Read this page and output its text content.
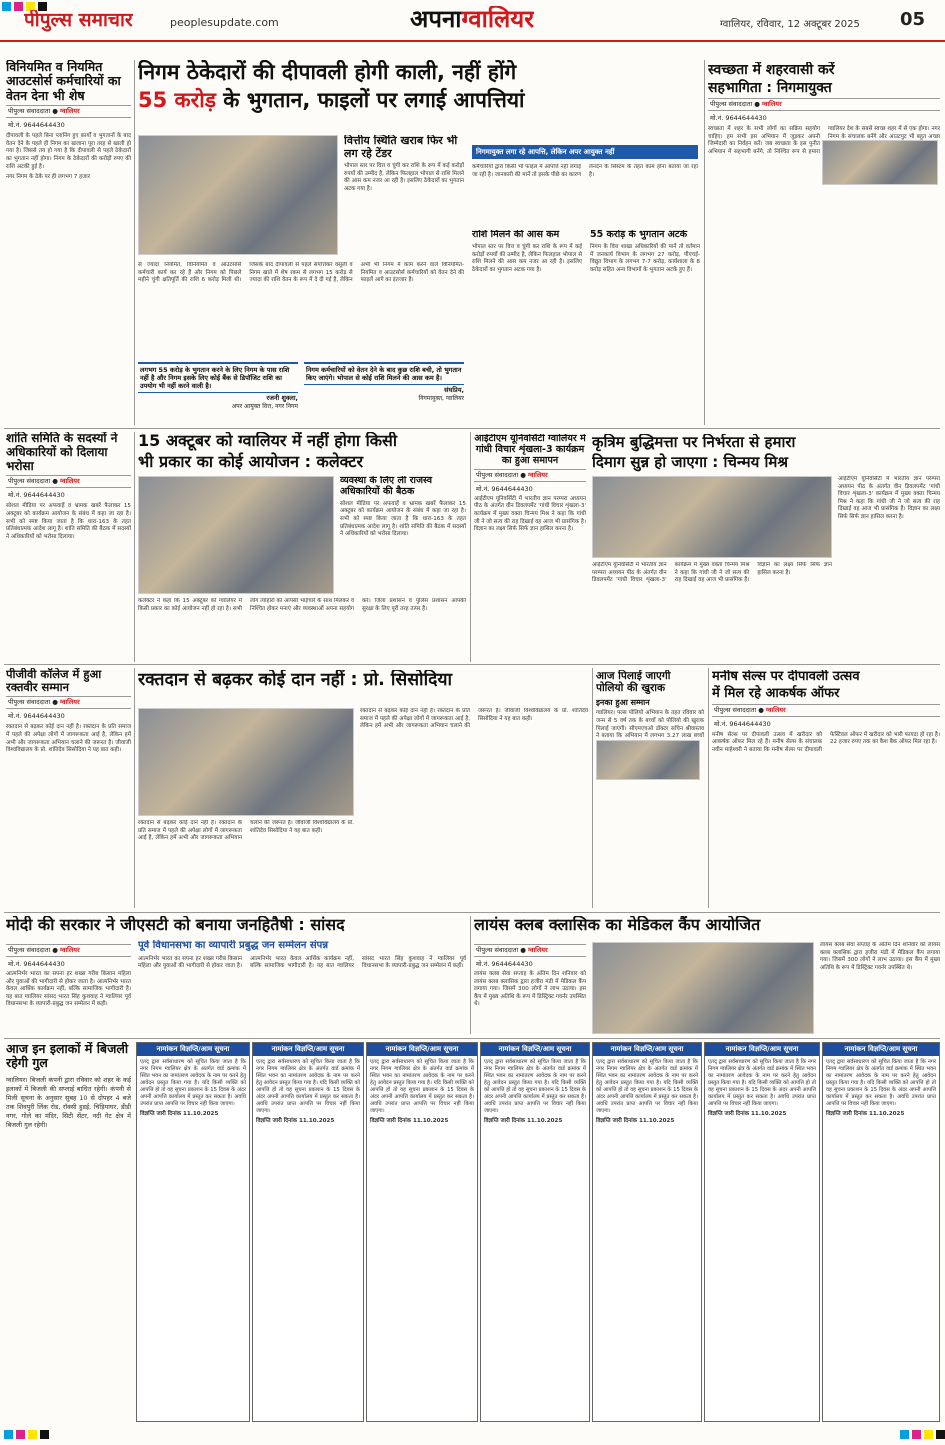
पीपुल्स समाचार	peoplesupdate.com	अपनाग्वालियर	ग्वालियर, रविवार, 12 अक्टूबर 2025 05
विनियमित व नियमित आउटसोर्स कर्मचारियों का वेतन देना भी शेष
पीपुल्स संवाददाता ● ग्वालियर
मो.नं. 9644644430
दीपावली के पहले बिना प्लानिंग हुए कार्यों व भुगतानों के बाद वेतन देने के पहले ही निगम का खजाना पूरा तरह से खाली हो गया है। जिससे तय हो गया है कि दीपावली से पहले ठेकेदारों का भुगतान नहीं होगा। निगम के ठेकेदारों की करोड़ों रुपए की राशि अटकी हुई है।
नगर निगम के ठेके पर ही लगभग 7 हजार
निगम ठेकेदारों की दीपावली होगी काली, नहीं होंगे
55 करोड़ के भुगतान, फाइलों पर लगाई आपत्तियां
वित्तीय स्थिति खराब फिर भी लग रहे टेंडर
भोपाल स्तर पर वित्त व चुंगी कर राशि के रूप में कई करोड़ों रुपयों की उम्मीद है, लेकिन फिलहाल भोपाल से राशि मिलने की आस कम नजर आ रही है। इसलिए ठेकेदारों का भुगतान अटक गया है।
से ज्यादा नियमित, विनियमित व आउटसोर्स कर्मचारी कार्य कर रहे हैं और निगम को पिछले महीने चुंगी क्षतिपूर्ति की राशि 6 करोड़ मिली थी। जिसके बाद दीपावली से पहले संपत्तिकर वसूली व निगम खाते में शेष रकम से लगभग 15 करोड़ से ज्यादा की राशि वेतन के रूप में दे दी गई है, लेकिन अभी भी निगम में काम करने वाले विनियमित-नियमित व आउटसोर्स कर्मचारियों को वेतन देने की फाइलें आगे का इंतजार है।
लगभग 55 करोड़ के भुगतान करने के लिए निगम के पास राशि नहीं है और निगम इसके लिए कोई बैंक से डिपॉजिट राशि का उपयोग भी नहीं करने वाली है।
रजनी शुक्ला,
अपर आयुक्त वित्त, नगर निगम
निगम कर्मचारियों को वेतन देने के बाद कुछ राशि बची, तो भुगतान किए जाएंगे। भोपाल से कोई राशि मिलने की आस कम है।
संघप्रिय,
निगमायुक्त, ग्वालियर
निगमायुक्त लगा रहे आपत्ति, लेकिन अपर आयुक्त नहीं
कर्मचारियों द्वारा किसी भी फाइल में आपत्ति नहीं लगाई जा रही है। जानकारी की मानें तो इसके पीछे का कारण लेनदेन के सिस्टम के तहत काम होना बताया जा रहा है।
राशि मिलने की आस कम
भोपाल स्तर पर वित्त व चुंगी कर राशि के रूप में कई करोड़ों रुपयों की उम्मीद है, लेकिन फिलहाल भोपाल से राशि मिलने की आस कम नजर आ रही है। इसलिए ठेकेदारों का भुगतान अटक गया है।
55 करोड़ के भुगतान अटके
निगम के वित्त शाखा अधिकारियों की मानें तो वर्तमान में जनकार्य विभाग के लगभग 27 करोड़, पीएचई-विद्युत विभाग के लगभग 7-7 करोड़, कार्यशाला के 8 करोड़ सहित अन्य विभागों के भुगतान अटके हुए हैं।
स्वच्छता में शहरवासी करें
सहभागिता : निगमायुक्त
पीपुल्स संवाददाता ● ग्वालियर
मो.नं. 9644644430
स्वच्छता में शहर के सभी लोगों का सक्रिय सहयोग चाहिए। हम सभी इस अभियान में जुड़कर अपनी जिम्मेदारी का निर्वहन करें। जब स्वच्छता के इस पुनीत अभियान में सहभागी बनेंगे, तो निश्चित रूप से हमारा ग्वालियर देश के सबसे स्वच्छ शहर में से एक होगा। नगर निगम के संचालक बनेंगे और आउटपुट भी बहुत अच्छा
शांति समिति के सदस्यों ने अधिकारियों को दिलाया भरोसा
पीपुल्स संवाददाता ● ग्वालियर
मो.नं. 9644644430
सोशल मीडिया पर अफवाहें व भ्रामक खबरें फैलाकर 15 अक्टूबर को कार्यक्रम आयोजन के संबंध में कहा जा रहा है। सभी को स्पष्ट किया जाता है कि धारा-163 के तहत प्रतिबंधात्मक आदेश लागू है। शांति समिति की बैठक में सदस्यों ने अधिकारियों को भरोसा दिलाया।
15 अक्टूबर को ग्वालियर में नहीं होगा किसी
भी प्रकार का कोई आयोजन : कलेक्टर
व्यवस्था के लिए ली राजस्व अधिकारियों की बैठक
सोशल मीडिया पर अफवाहें व भ्रामक खबरें फैलाकर 15 अक्टूबर को कार्यक्रम आयोजन के संबंध में कहा जा रहा है। सभी को स्पष्ट किया जाता है कि धारा-163 के तहत प्रतिबंधात्मक आदेश लागू है। शांति समिति की बैठक में सदस्यों ने अधिकारियों को भरोसा दिलाया।
कलेक्टर ने कहा कि 15 अक्टूबर को ग्वालियर में किसी प्रकार का कोई आयोजन नहीं हो रहा है। सभी लोग त्योहारों को आपसी भाईचारे के साथ मिलकर व निश्चित होकर मनाएं और व्यवस्थाओं अपना सहयोग करें। जिला प्रशासन व पुलिस प्रशासन आपकी सुरक्षा के लिए पूरी तरह तत्पर है।
आईटीएम यूनिवर्सिटी ग्वालियर में गांधी विचार शृंखला-3 कार्यक्रम का हुआ समापन
पीपुल्स संवाददाता ● ग्वालियर
मो.नं. 9644644430
आईटीएम यूनिवर्सिटी में भारतीय ज्ञान परम्परा अध्ययन पीठ के अंतर्गत वीन डिवलपमेंट 'गांधी विचार शृंखला-3' कार्यक्रम में मुख्य वक्ता चिन्मय मिश्र ने कहा कि गांधी जी ने जो सत्य की राह दिखाई वह आज भी प्रासंगिक है। विज्ञान का लक्ष्य सिर्फ सिर्फ ज्ञान हासिल करना है।
कृत्रिम बुद्धिमत्ता पर निर्भरता से हमारा
दिमाग सुन्न हो जाएगा : चिन्मय मिश्र
आईटीएम यूनिवर्सिटी में भारतीय ज्ञान परम्परा अध्ययन पीठ के अंतर्गत वीन डिवलपमेंट 'गांधी विचार शृंखला-3' कार्यक्रम में मुख्य वक्ता चिन्मय मिश्र ने कहा कि गांधी जी ने जो सत्य की राह दिखाई वह आज भी प्रासंगिक है। विज्ञान का लक्ष्य सिर्फ सिर्फ ज्ञान हासिल करना है।
आईटीएम यूनिवर्सिटी में भारतीय ज्ञान परम्परा अध्ययन पीठ के अंतर्गत वीन डिवलपमेंट 'गांधी विचार शृंखला-3' कार्यक्रम में मुख्य वक्ता चिन्मय मिश्र ने कहा कि गांधी जी ने जो सत्य की राह दिखाई वह आज भी प्रासंगिक है। विज्ञान का लक्ष्य सिर्फ सिर्फ ज्ञान हासिल करना है।
पीजीवी कॉलेज में हुआ रक्तवीर सम्मान
पीपुल्स संवाददाता ● ग्वालियर
मो.नं. 9644644430
रक्तदान से बढ़कर कोई दान नहीं है। रक्तदान के प्रति समाज में पहले की अपेक्षा लोगों में जागरूकता आई है, लेकिन हमें अभी और जागरूकता अभियान चलाने की जरूरत है। जीवाजी विश्वविद्यालय के प्रो. शांतिदेव सिसोदिया ने यह बात कही।
रक्तदान से बढ़कर कोई दान नहीं : प्रो. सिसोदिया
रक्तदान से बढ़कर कोई दान नहीं है। रक्तदान के प्रति समाज में पहले की अपेक्षा लोगों में जागरूकता आई है, लेकिन हमें अभी और जागरूकता अभियान चलाने की जरूरत है। जीवाजी विश्वविद्यालय के प्रो. शांतिदेव सिसोदिया ने यह बात कही।
रक्तदान से बढ़कर कोई दान नहीं है। रक्तदान के प्रति समाज में पहले की अपेक्षा लोगों में जागरूकता आई है, लेकिन हमें अभी और जागरूकता अभियान चलाने की जरूरत है। जीवाजी विश्वविद्यालय के प्रो. शांतिदेव सिसोदिया ने यह बात कही।
आज पिलाई जाएगी
पोलियो की खुराक
इनका हुआ सम्मान
ग्वालियर। पल्स पोलियो अभियान के तहत रविवार को जन्म से 5 वर्ष तक के बच्चों को पोलियो की खुराक पिलाई जाएगी। सीएमएचओ डॉक्टर सचिन श्रीवास्तव ने बताया कि अभियान में लगभग 3.27 लाख बच्चों
मनीष सेल्स पर दीपावली उत्सव
में मिल रहे आकर्षक ऑफर
पीपुल्स संवाददाता ● ग्वालियर
मो.नं. 9644644430
मनीष सेल्स पर दीपावली उत्सव में खरीदार को आकर्षक ऑफर मिल रहे हैं। मनीष सेल्स के संचालक नवीन माहेश्वरी ने बताया कि मनीष सेल्स पर दीपावली फेस्टिवल ऑफर में खरीदार को भारी फायदा हो रहा है। 22 हजार रुपए तक का कैश बैक ऑफर मिल रहा है।
मोदी की सरकार ने जीएसटी को बनाया जनहितैषी : सांसद
पीपुल्स संवाददाता ● ग्वालियर
मो.नं. 9644644430
आत्मनिर्भर भारत का सपना हर शख्स गरीब किसान महिला और युवाओं की भागीदारी से होकर जाता है। आत्मनिर्भर भारत केवल आर्थिक कार्यक्रम नहीं, बल्कि सामाजिक भागीदारी है। यह बात ग्वालियर सांसद भारत सिंह कुशवाह ने ग्वालियर पूर्व विधानसभा के व्यापारी-प्रबुद्ध जन सम्मेलन में कही।
पूर्व विधानसभा का व्यापारी प्रबुद्ध जन सम्मेलन संपन्न
आत्मनिर्भर भारत का सपना हर शख्स गरीब किसान महिला और युवाओं की भागीदारी से होकर जाता है। आत्मनिर्भर भारत केवल आर्थिक कार्यक्रम नहीं, बल्कि सामाजिक भागीदारी है। यह बात ग्वालियर सांसद भारत सिंह कुशवाह ने ग्वालियर पूर्व विधानसभा के व्यापारी-प्रबुद्ध जन सम्मेलन में कही।
लायंस क्लब क्लासिक का मेडिकल कैंप आयोजित
पीपुल्स संवाददाता ● ग्वालियर
मो.नं. 9644644430
लायंस क्लब सेवा सप्ताह के अंतिम दिन शनिवार को लायंस क्लब क्लासिक द्वारा हजीरा मंडी में मेडिकल कैंप लगाया गया। जिसमें 300 लोगों ने लाभ उठाया। इस कैंप में मुख्य अतिथि के रूप में डिस्ट्रिक्ट गवर्नर उपस्थित थे।
लायंस क्लब सेवा सप्ताह के अंतिम दिन शनिवार को लायंस क्लब क्लासिक द्वारा हजीरा मंडी में मेडिकल कैंप लगाया गया। जिसमें 300 लोगों ने लाभ उठाया। इस कैंप में मुख्य अतिथि के रूप में डिस्ट्रिक्ट गवर्नर उपस्थित थे।
आज इन इलाकों में बिजली रहेगी गुल
ग्वालियर। बिजली कंपनी द्वारा रविवार को शहर के कई इलाकों में बिजली की सप्लाई बाधित रहेगी। कंपनी से मिली सूचना के अनुसार सुबह 10 से दोपहर 4 बजे तक शिवपुरी लिंक रोड, रॉक्सी हुडई, चिड़ियाघर, डीडी नगर, गोले का मंदिर, सिटी सेंटर, नदी गेट क्षेत्र में बिजली गुल रहेगी।
नामांकन विज्ञप्ति/आम सूचना
एतद् द्वारा सर्वसाधारण को सूचित किया जाता है कि नगर निगम ग्वालियर क्षेत्र के अंतर्गत वार्ड क्रमांक में स्थित भवन का नामांतरण आवेदक के नाम पर करने हेतु आवेदन प्रस्तुत किया गया है। यदि किसी व्यक्ति को आपत्ति हो तो वह सूचना प्रकाशन के 15 दिवस के अंदर अपनी आपत्ति कार्यालय में प्रस्तुत कर सकता है। अवधि उपरांत प्राप्त आपत्ति पर विचार नहीं किया जाएगा।
विज्ञप्ति जारी दिनांक 11.10.2025
नामांकन विज्ञप्ति/आम सूचना
एतद् द्वारा सर्वसाधारण को सूचित किया जाता है कि नगर निगम ग्वालियर क्षेत्र के अंतर्गत वार्ड क्रमांक में स्थित भवन का नामांतरण आवेदक के नाम पर करने हेतु आवेदन प्रस्तुत किया गया है। यदि किसी व्यक्ति को आपत्ति हो तो वह सूचना प्रकाशन के 15 दिवस के अंदर अपनी आपत्ति कार्यालय में प्रस्तुत कर सकता है। अवधि उपरांत प्राप्त आपत्ति पर विचार नहीं किया जाएगा।
विज्ञप्ति जारी दिनांक 11.10.2025
नामांकन विज्ञप्ति/आम सूचना
एतद् द्वारा सर्वसाधारण को सूचित किया जाता है कि नगर निगम ग्वालियर क्षेत्र के अंतर्गत वार्ड क्रमांक में स्थित भवन का नामांतरण आवेदक के नाम पर करने हेतु आवेदन प्रस्तुत किया गया है। यदि किसी व्यक्ति को आपत्ति हो तो वह सूचना प्रकाशन के 15 दिवस के अंदर अपनी आपत्ति कार्यालय में प्रस्तुत कर सकता है। अवधि उपरांत प्राप्त आपत्ति पर विचार नहीं किया जाएगा।
विज्ञप्ति जारी दिनांक 11.10.2025
नामांकन विज्ञप्ति/आम सूचना
एतद् द्वारा सर्वसाधारण को सूचित किया जाता है कि नगर निगम ग्वालियर क्षेत्र के अंतर्गत वार्ड क्रमांक में स्थित भवन का नामांतरण आवेदक के नाम पर करने हेतु आवेदन प्रस्तुत किया गया है। यदि किसी व्यक्ति को आपत्ति हो तो वह सूचना प्रकाशन के 15 दिवस के अंदर अपनी आपत्ति कार्यालय में प्रस्तुत कर सकता है। अवधि उपरांत प्राप्त आपत्ति पर विचार नहीं किया जाएगा।
विज्ञप्ति जारी दिनांक 11.10.2025
नामांकन विज्ञप्ति/आम सूचना
एतद् द्वारा सर्वसाधारण को सूचित किया जाता है कि नगर निगम ग्वालियर क्षेत्र के अंतर्गत वार्ड क्रमांक में स्थित भवन का नामांतरण आवेदक के नाम पर करने हेतु आवेदन प्रस्तुत किया गया है। यदि किसी व्यक्ति को आपत्ति हो तो वह सूचना प्रकाशन के 15 दिवस के अंदर अपनी आपत्ति कार्यालय में प्रस्तुत कर सकता है। अवधि उपरांत प्राप्त आपत्ति पर विचार नहीं किया जाएगा।
विज्ञप्ति जारी दिनांक 11.10.2025
नामांकन विज्ञप्ति/आम सूचना
एतद् द्वारा सर्वसाधारण को सूचित किया जाता है कि नगर निगम ग्वालियर क्षेत्र के अंतर्गत वार्ड क्रमांक में स्थित भवन का नामांतरण आवेदक के नाम पर करने हेतु आवेदन प्रस्तुत किया गया है। यदि किसी व्यक्ति को आपत्ति हो तो वह सूचना प्रकाशन के 15 दिवस के अंदर अपनी आपत्ति कार्यालय में प्रस्तुत कर सकता है। अवधि उपरांत प्राप्त आपत्ति पर विचार नहीं किया जाएगा।
विज्ञप्ति जारी दिनांक 11.10.2025
नामांकन विज्ञप्ति/आम सूचना
एतद् द्वारा सर्वसाधारण को सूचित किया जाता है कि नगर निगम ग्वालियर क्षेत्र के अंतर्गत वार्ड क्रमांक में स्थित भवन का नामांतरण आवेदक के नाम पर करने हेतु आवेदन प्रस्तुत किया गया है। यदि किसी व्यक्ति को आपत्ति हो तो वह सूचना प्रकाशन के 15 दिवस के अंदर अपनी आपत्ति कार्यालय में प्रस्तुत कर सकता है। अवधि उपरांत प्राप्त आपत्ति पर विचार नहीं किया जाएगा।
विज्ञप्ति जारी दिनांक 11.10.2025
